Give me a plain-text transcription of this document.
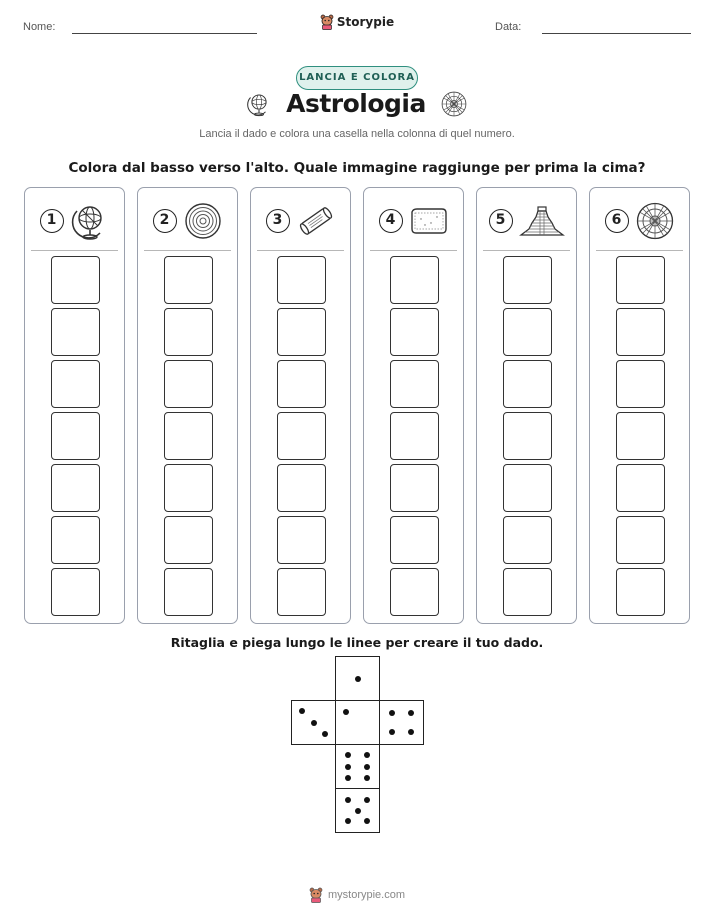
Nome:	Storypie	Data:
LANCIA E COLORA
Astrologia
Lancia il dado e colora una casella nella colonna di quel numero.
Colora dal basso verso l'alto. Quale immagine raggiunge per prima la cima?
1	2	3	4	5	6
Ritaglia e piega lungo le linee per creare il tuo dado.
mystorypie.com
